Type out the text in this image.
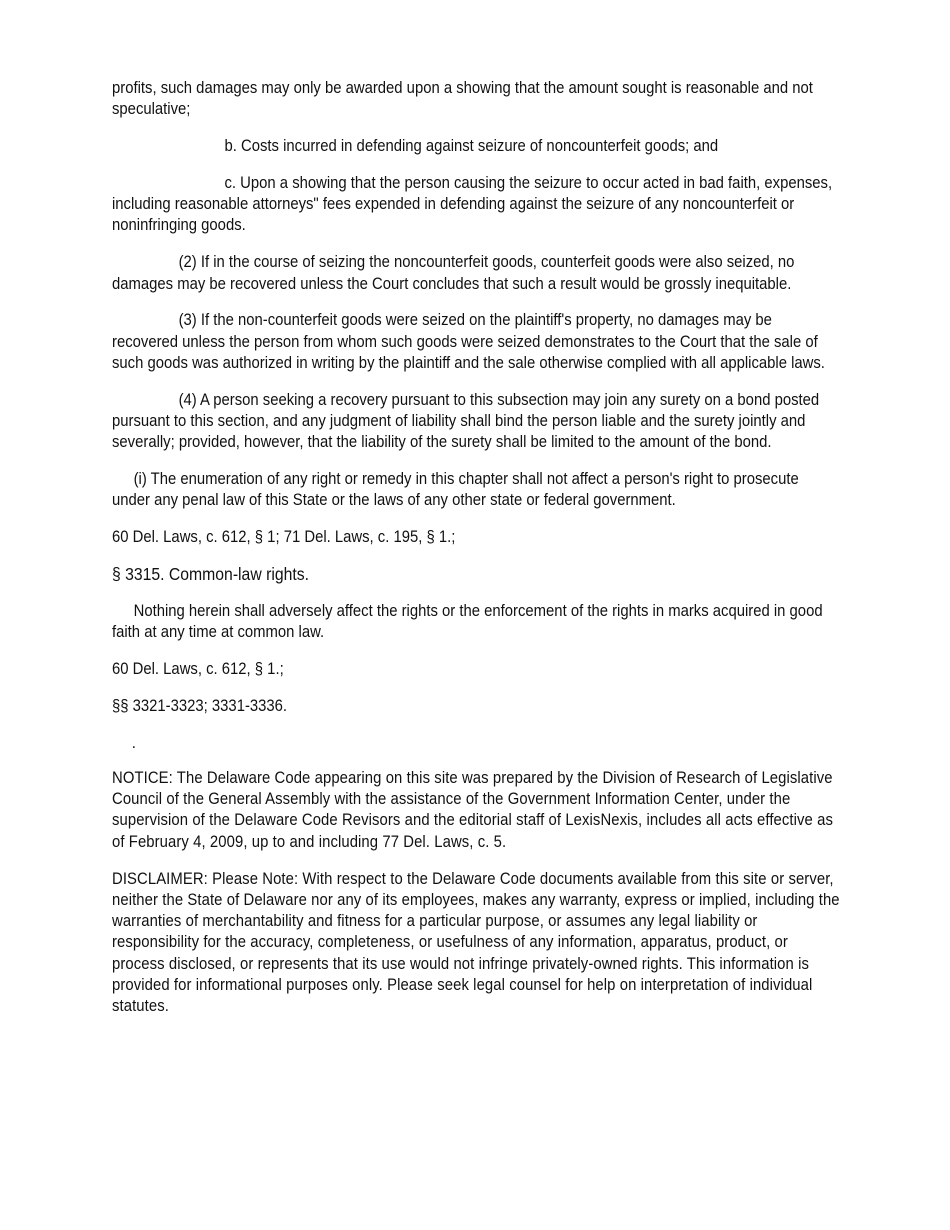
profits, such damages may only be awarded upon a showing that the amount sought is reasonable and not speculative;

b. Costs incurred in defending against seizure of noncounterfeit goods; and

c. Upon a showing that the person causing the seizure to occur acted in bad faith, expenses, including reasonable attorneys" fees expended in defending against the seizure of any noncounterfeit or noninfringing goods.

(2) If in the course of seizing the noncounterfeit goods, counterfeit goods were also seized, no damages may be recovered unless the Court concludes that such a result would be grossly inequitable.

(3) If the non-counterfeit goods were seized on the plaintiff's property, no damages may be recovered unless the person from whom such goods were seized demonstrates to the Court that the sale of such goods was authorized in writing by the plaintiff and the sale otherwise complied with all applicable laws.

(4) A person seeking a recovery pursuant to this subsection may join any surety on a bond posted pursuant to this section, and any judgment of liability shall bind the person liable and the surety jointly and severally; provided, however, that the liability of the surety shall be limited to the amount of the bond.

(i) The enumeration of any right or remedy in this chapter shall not affect a person's right to prosecute under any penal law of this State or the laws of any other state or federal government.

60 Del. Laws, c. 612, § 1; 71 Del. Laws, c. 195, § 1.;

§ 3315. Common-law rights.

Nothing herein shall adversely affect the rights or the enforcement of the rights in marks acquired in good faith at any time at common law.

60 Del. Laws, c. 612, § 1.;

§§ 3321-3323; 3331-3336.

.

NOTICE: The Delaware Code appearing on this site was prepared by the Division of Research of Legislative Council of the General Assembly with the assistance of the Government Information Center, under the supervision of the Delaware Code Revisors and the editorial staff of LexisNexis, includes all acts effective as of February 4, 2009, up to and including 77 Del. Laws, c. 5.

DISCLAIMER: Please Note: With respect to the Delaware Code documents available from this site or server, neither the State of Delaware nor any of its employees, makes any warranty, express or implied, including the warranties of merchantability and fitness for a particular purpose, or assumes any legal liability or responsibility for the accuracy, completeness, or usefulness of any information, apparatus, product, or process disclosed, or represents that its use would not infringe privately-owned rights. This information is provided for informational purposes only. Please seek legal counsel for help on interpretation of individual statutes.
